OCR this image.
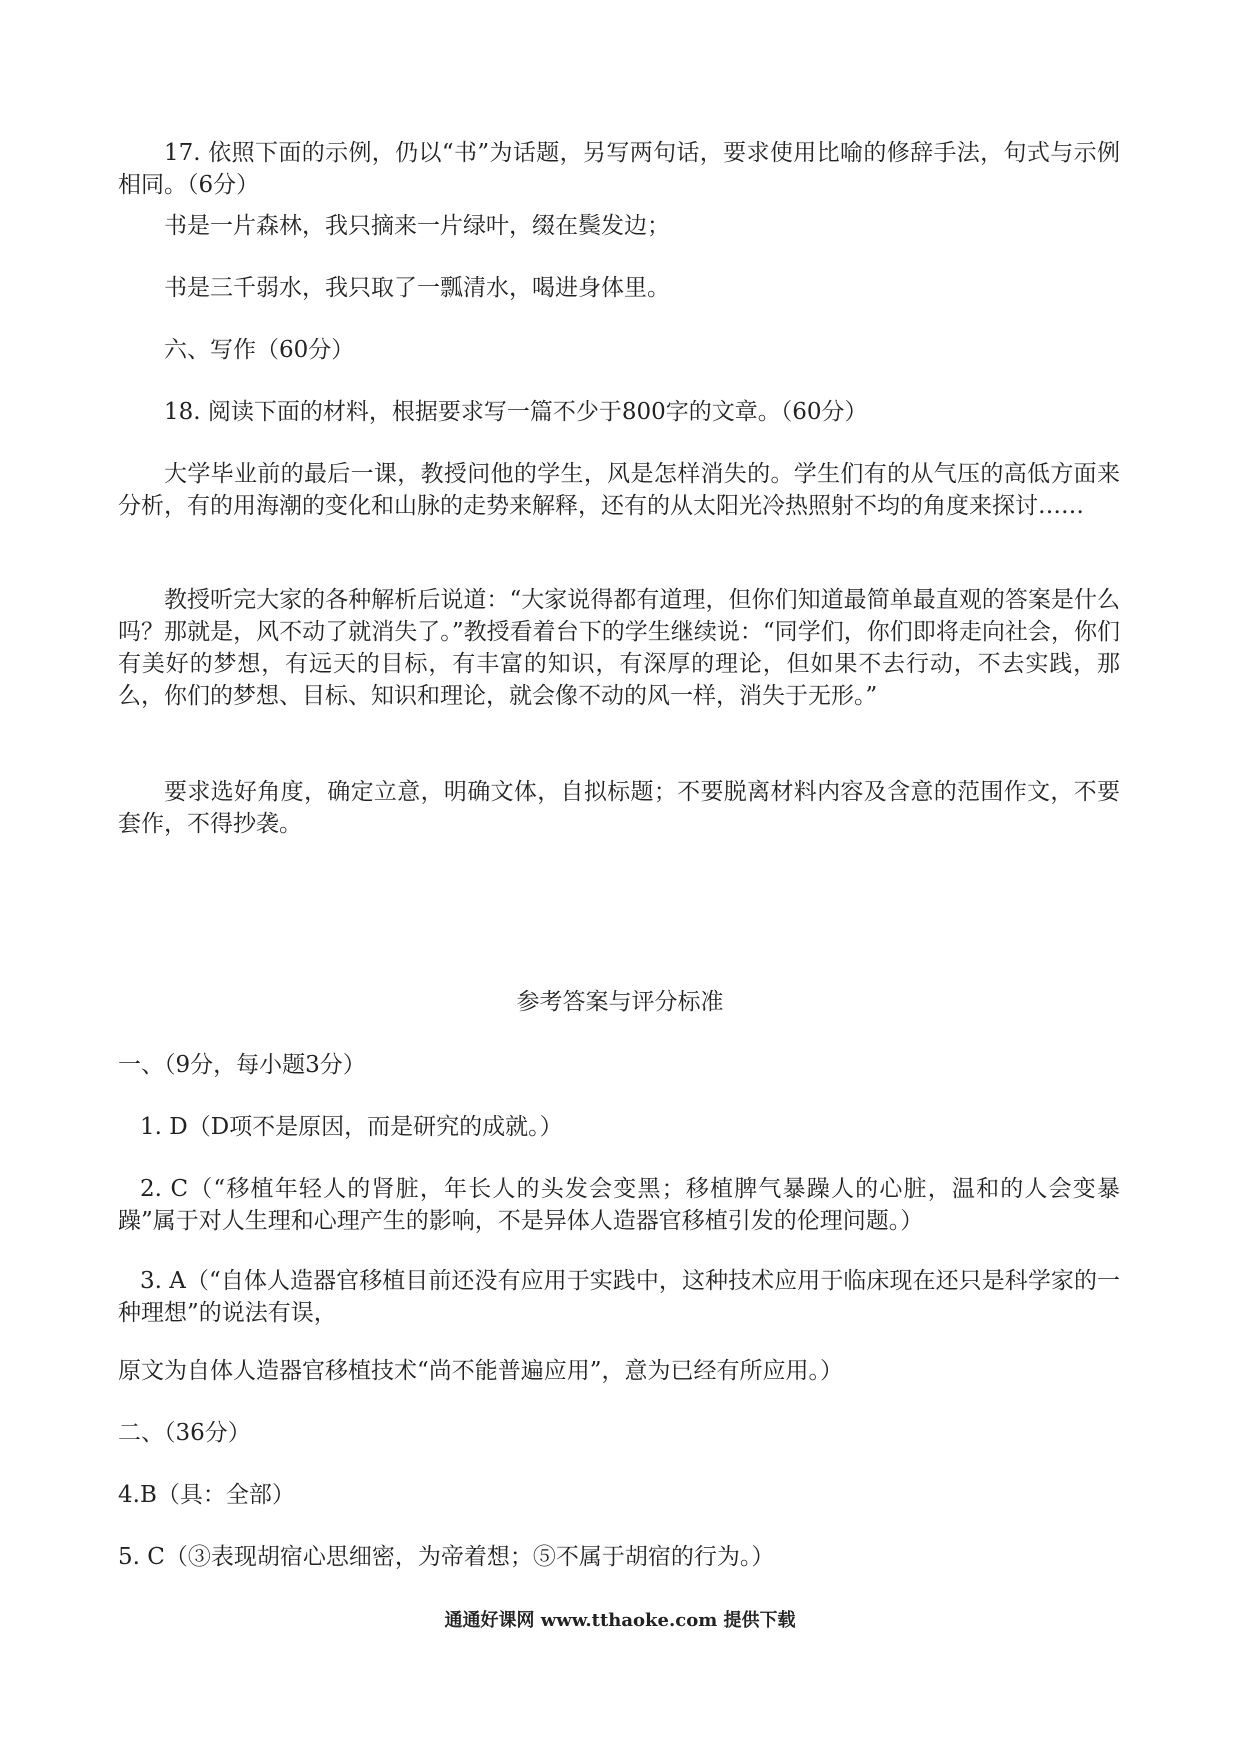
17. 依照下面的示例，仍以“书”为话题，另写两句话，要求使用比喻的修辞手法，句式与示例相同。（6分）

书是一片森林，我只摘来一片绿叶，缀在鬓发边；

书是三千弱水，我只取了一瓢清水，喝进身体里。

六、写作（60分）

18. 阅读下面的材料，根据要求写一篇不少于800字的文章。（60分）

大学毕业前的最后一课，教授问他的学生，风是怎样消失的。学生们有的从气压的高低方面来分析，有的用海潮的变化和山脉的走势来解释，还有的从太阳光冷热照射不均的角度来探讨……

教授听完大家的各种解析后说道：“大家说得都有道理，但你们知道最简单最直观的答案是什么吗？那就是，风不动了就消失了。”教授看着台下的学生继续说：“同学们，你们即将走向社会，你们有美好的梦想，有远天的目标，有丰富的知识，有深厚的理论，但如果不去行动，不去实践，那么，你们的梦想、目标、知识和理论，就会像不动的风一样，消失于无形。”

要求选好角度，确定立意，明确文体，自拟标题；不要脱离材料内容及含意的范围作文，不要套作，不得抄袭。

参考答案与评分标准

一、（9分，每小题3分）

1. D（D项不是原因，而是研究的成就。）

2. C（“移植年轻人的肾脏，年长人的头发会变黑；移植脾气暴躁人的心脏，温和的人会变暴躁”属于对人生理和心理产生的影响，不是异体人造器官移植引发的伦理问题。）

3. A（“自体人造器官移植目前还没有应用于实践中，这种技术应用于临床现在还只是科学家的一种理想”的说法有误，

原文为自体人造器官移植技术“尚不能普遍应用”，意为已经有所应用。）

二、（36分）

4.B（具：全部）

5. C（③表现胡宿心思细密，为帝着想；⑤不属于胡宿的行为。）

通通好课网 www.tthaoke.com 提供下载
